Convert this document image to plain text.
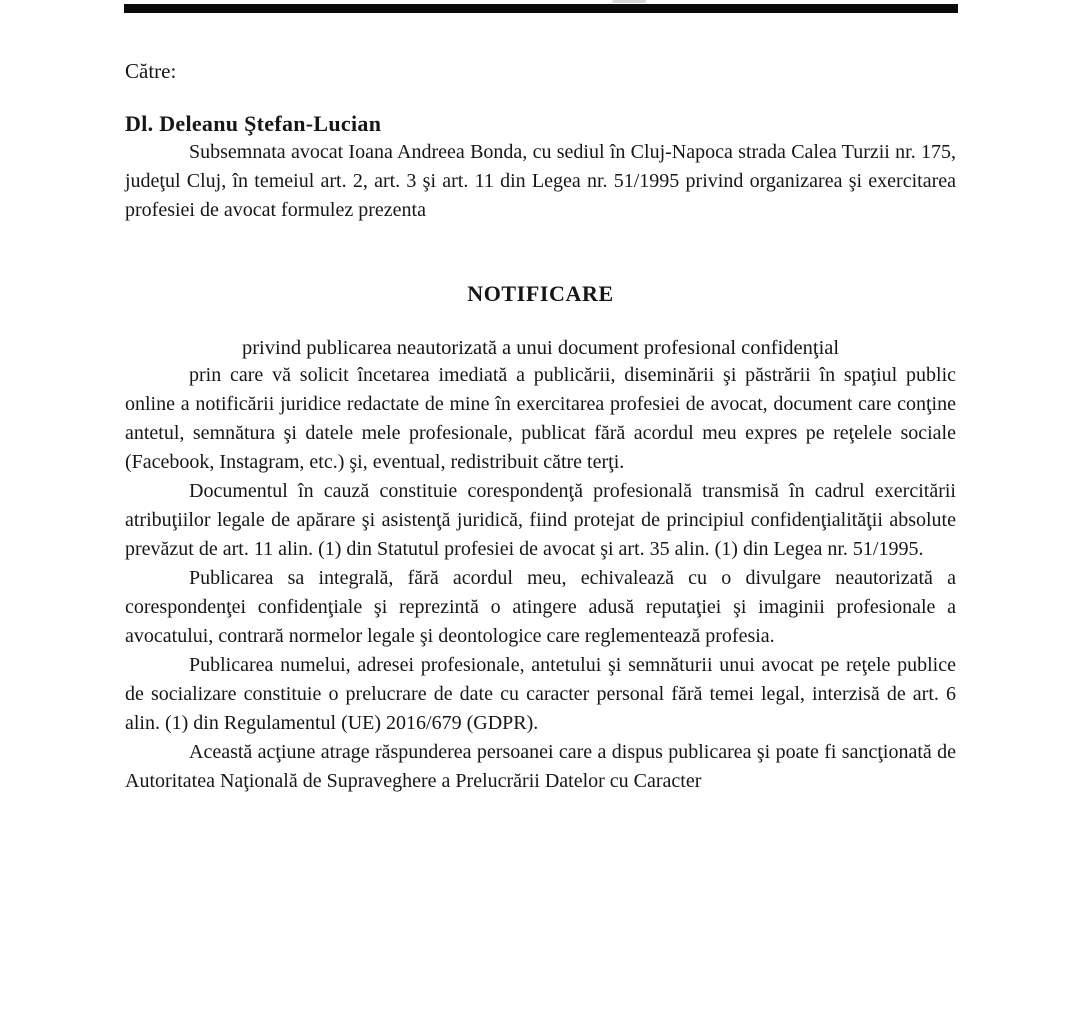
Către:
Dl. Deleanu Ştefan-Lucian

Subsemnata avocat Ioana Andreea Bonda, cu sediul în Cluj-Napoca strada Calea Turzii nr. 175, judeţul Cluj, în temeiul art. 2, art. 3 şi art. 11 din Legea nr. 51/1995 privind organizarea şi exercitarea profesiei de avocat formulez prezenta

NOTIFICARE
privind publicarea neautorizată a unui document profesional confidenţial

prin care vă solicit încetarea imediată a publicării, diseminării şi păstrării în spaţiul public online a notificării juridice redactate de mine în exercitarea profesiei de avocat, document care conţine antetul, semnătura şi datele mele profesionale, publicat fără acordul meu expres pe reţelele sociale (Facebook, Instagram, etc.) şi, eventual, redistribuit către terţi.

Documentul în cauză constituie corespondenţă profesională transmisă în cadrul exercitării atribuţiilor legale de apărare şi asistenţă juridică, fiind protejat de principiul confidenţialităţii absolute prevăzut de art. 11 alin. (1) din Statutul profesiei de avocat şi art. 35 alin. (1) din Legea nr. 51/1995.

Publicarea sa integrală, fără acordul meu, echivalează cu o divulgare neautorizată a corespondenţei confidenţiale şi reprezintă o atingere adusă reputaţiei şi imaginii profesionale a avocatului, contrară normelor legale şi deontologice care reglementează profesia.

Publicarea numelui, adresei profesionale, antetului şi semnăturii unui avocat pe reţele publice de socializare constituie o prelucrare de date cu caracter personal fără temei legal, interzisă de art. 6 alin. (1) din Regulamentul (UE) 2016/679 (GDPR).

Această acţiune atrage răspunderea persoanei care a dispus publicarea şi poate fi sancţionată de Autoritatea Naţională de Supraveghere a Prelucrării Datelor cu Caracter
